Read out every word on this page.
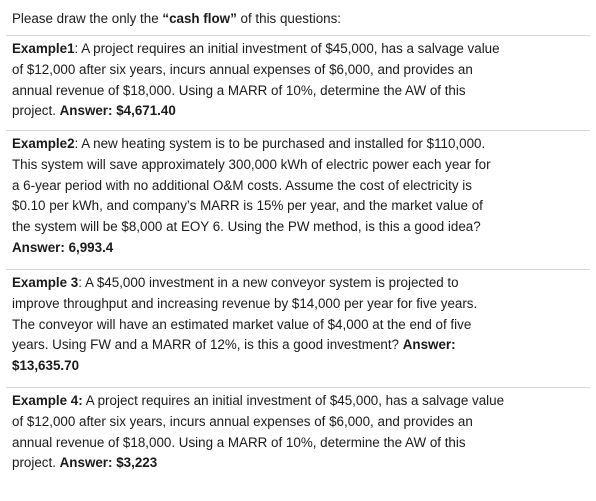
Please draw the only the “cash flow” of this questions:
Example1: A project requires an initial investment of $45,000, has a salvage value
of $12,000 after six years, incurs annual expenses of $6,000, and provides an
annual revenue of $18,000. Using a MARR of 10%, determine the AW of this
project. Answer: $4,671.40
Example2: A new heating system is to be purchased and installed for $110,000.
This system will save approximately 300,000 kWh of electric power each year for
a 6-year period with no additional O&M costs. Assume the cost of electricity is
$0.10 per kWh, and company’s MARR is 15% per year, and the market value of
the system will be $8,000 at EOY 6. Using the PW method, is this a good idea?
Answer: 6,993.4
Example 3: A $45,000 investment in a new conveyor system is projected to
improve throughput and increasing revenue by $14,000 per year for five years.
The conveyor will have an estimated market value of $4,000 at the end of five
years. Using FW and a MARR of 12%, is this a good investment? Answer:
$13,635.70
Example 4: A project requires an initial investment of $45,000, has a salvage value
of $12,000 after six years, incurs annual expenses of $6,000, and provides an
annual revenue of $18,000. Using a MARR of 10%, determine the AW of this
project. Answer: $3,223
